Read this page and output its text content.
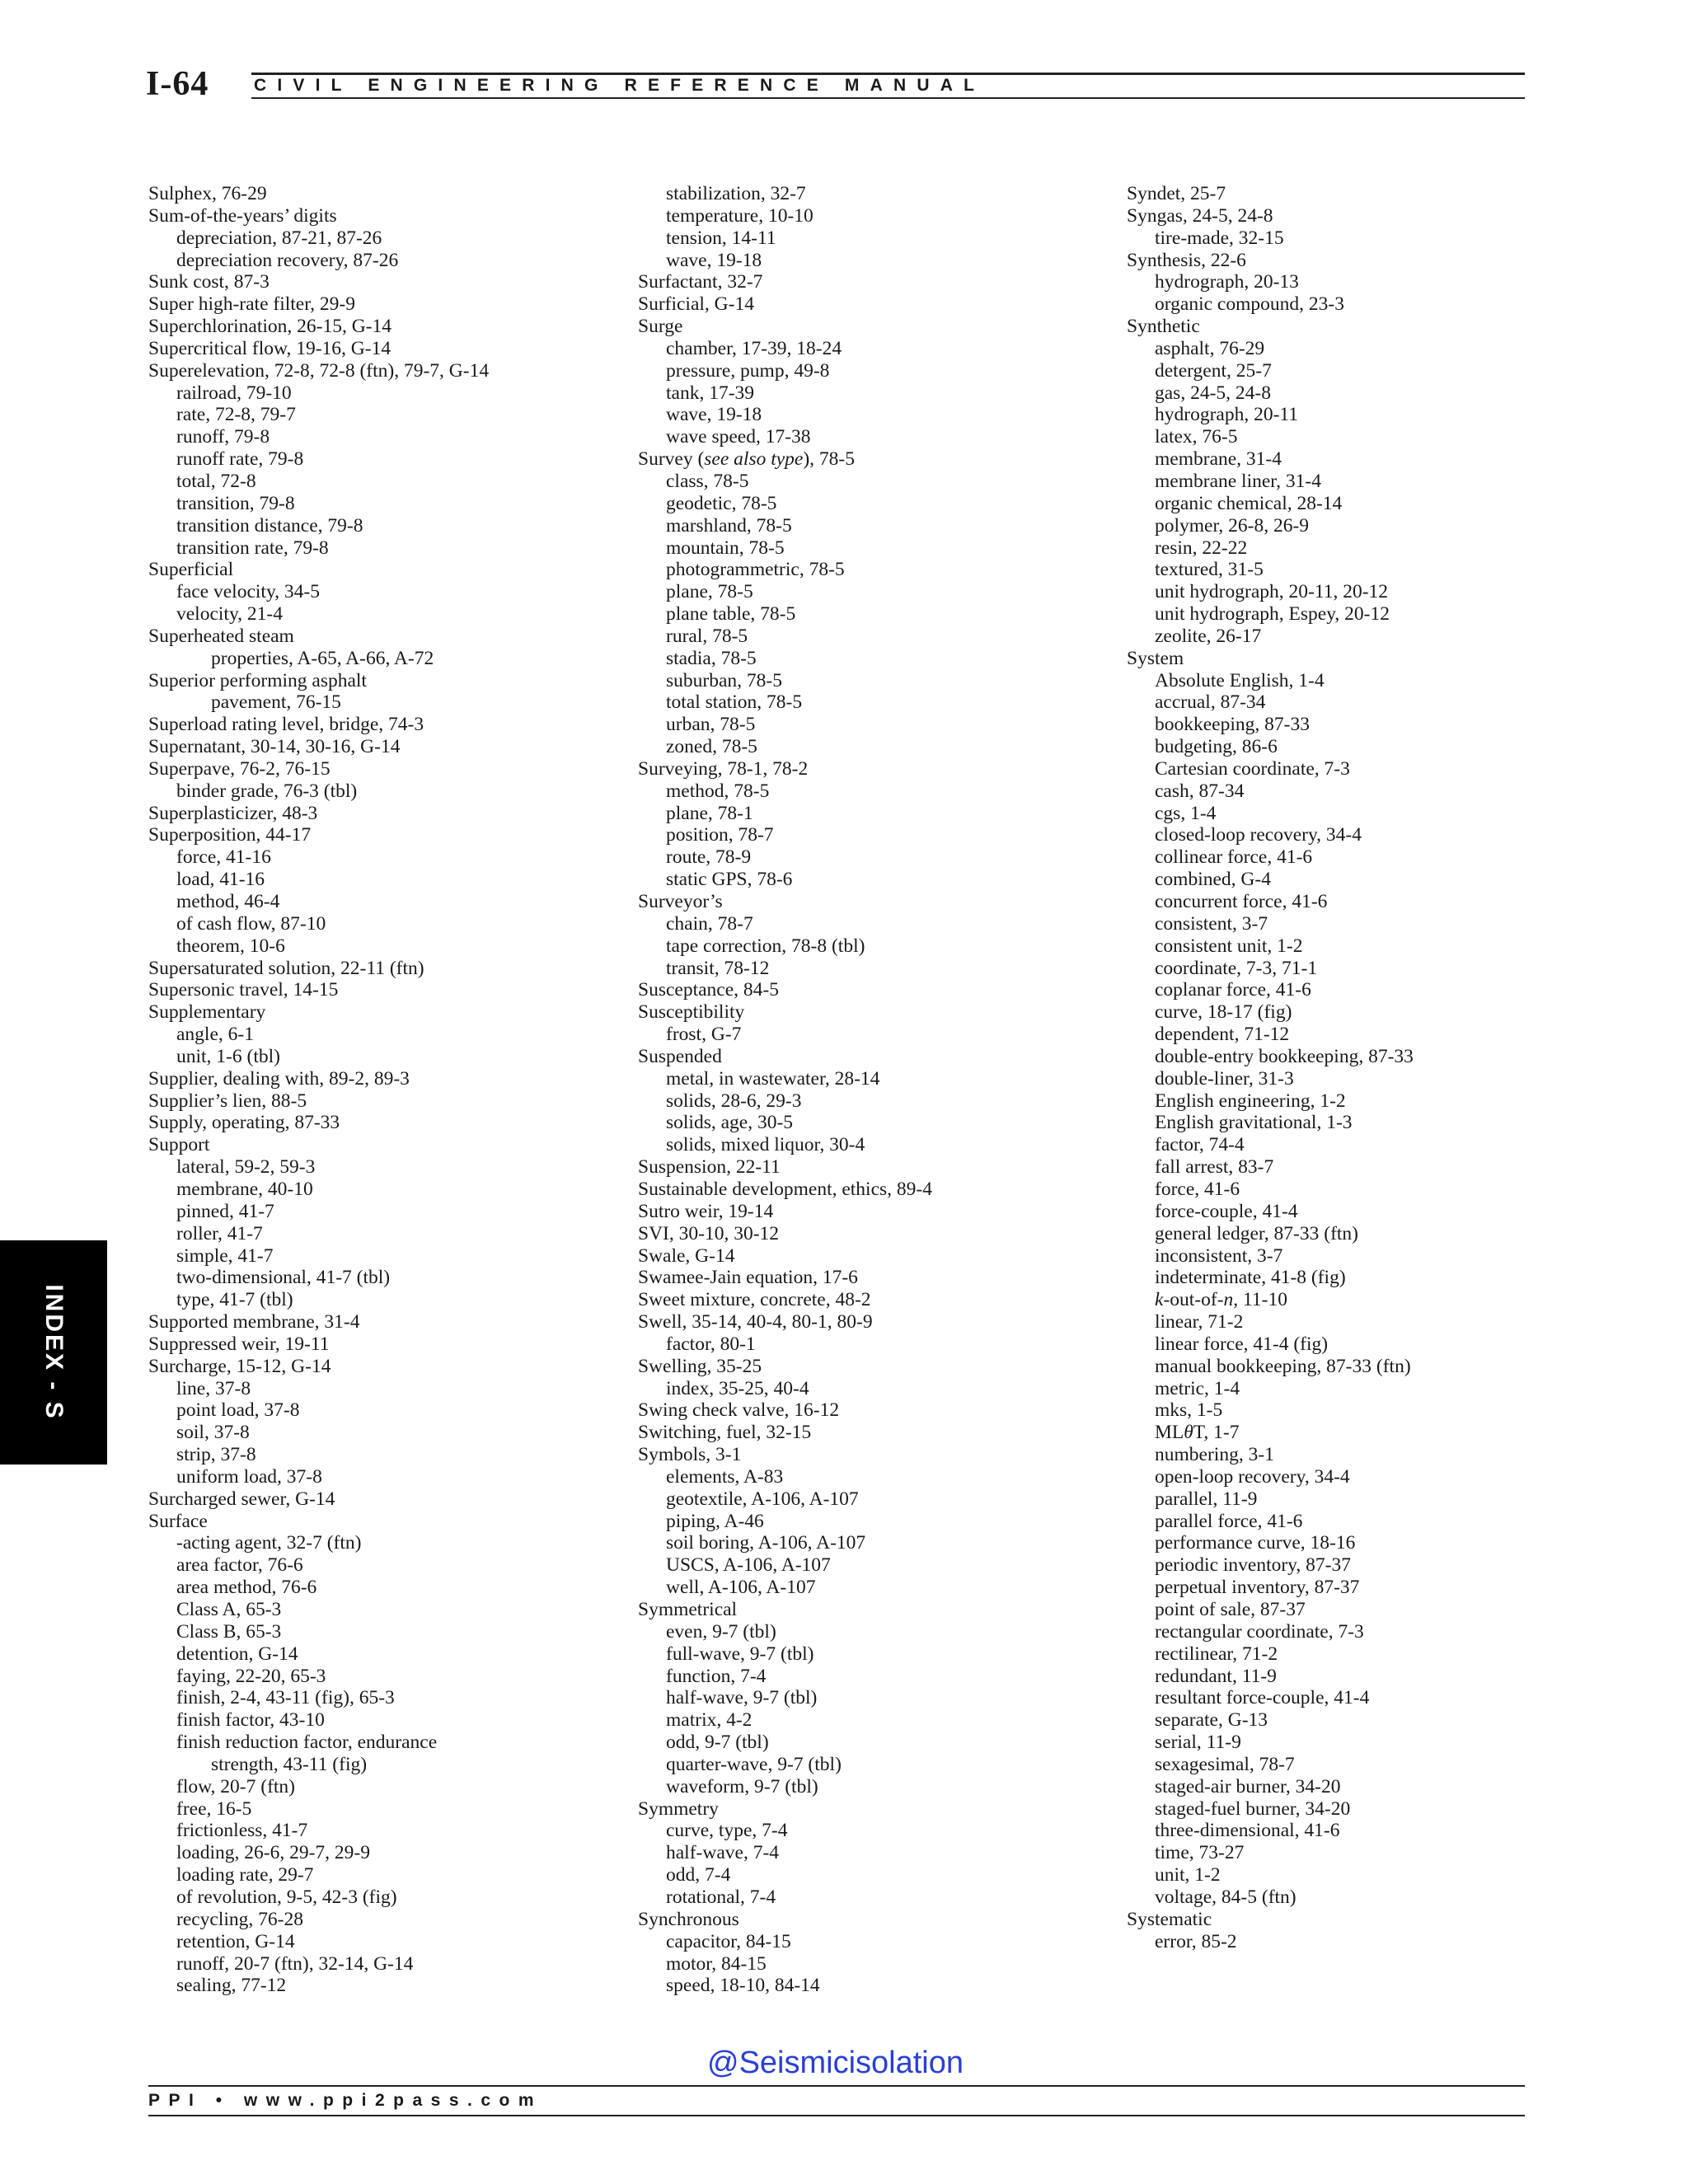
I-64	CIVIL ENGINEERING REFERENCE MANUAL
Sulphex, 76-29
Sum-of-the-years’ digits
depreciation, 87-21, 87-26
depreciation recovery, 87-26
Sunk cost, 87-3
Super high-rate filter, 29-9
Superchlorination, 26-15, G-14
Supercritical flow, 19-16, G-14
Superelevation, 72-8, 72-8 (ftn), 79-7, G-14
railroad, 79-10
rate, 72-8, 79-7
runoff, 79-8
runoff rate, 79-8
total, 72-8
transition, 79-8
transition distance, 79-8
transition rate, 79-8
Superficial
face velocity, 34-5
velocity, 21-4
Superheated steam
properties, A-65, A-66, A-72
Superior performing asphalt
pavement, 76-15
Superload rating level, bridge, 74-3
Supernatant, 30-14, 30-16, G-14
Superpave, 76-2, 76-15
binder grade, 76-3 (tbl)
Superplasticizer, 48-3
Superposition, 44-17
force, 41-16
load, 41-16
method, 46-4
of cash flow, 87-10
theorem, 10-6
Supersaturated solution, 22-11 (ftn)
Supersonic travel, 14-15
Supplementary
angle, 6-1
unit, 1-6 (tbl)
Supplier, dealing with, 89-2, 89-3
Supplier’s lien, 88-5
Supply, operating, 87-33
Support
lateral, 59-2, 59-3
membrane, 40-10
pinned, 41-7
roller, 41-7
simple, 41-7
two-dimensional, 41-7 (tbl)
type, 41-7 (tbl)
Supported membrane, 31-4
Suppressed weir, 19-11
Surcharge, 15-12, G-14
line, 37-8
point load, 37-8
soil, 37-8
strip, 37-8
uniform load, 37-8
Surcharged sewer, G-14
Surface
-acting agent, 32-7 (ftn)
area factor, 76-6
area method, 76-6
Class A, 65-3
Class B, 65-3
detention, G-14
faying, 22-20, 65-3
finish, 2-4, 43-11 (fig), 65-3
finish factor, 43-10
finish reduction factor, endurance
strength, 43-11 (fig)
flow, 20-7 (ftn)
free, 16-5
frictionless, 41-7
loading, 26-6, 29-7, 29-9
loading rate, 29-7
of revolution, 9-5, 42-3 (fig)
recycling, 76-28
retention, G-14
runoff, 20-7 (ftn), 32-14, G-14
sealing, 77-12
stabilization, 32-7
temperature, 10-10
tension, 14-11
wave, 19-18
Surfactant, 32-7
Surficial, G-14
Surge
chamber, 17-39, 18-24
pressure, pump, 49-8
tank, 17-39
wave, 19-18
wave speed, 17-38
Survey (see also type), 78-5
class, 78-5
geodetic, 78-5
marshland, 78-5
mountain, 78-5
photogrammetric, 78-5
plane, 78-5
plane table, 78-5
rural, 78-5
stadia, 78-5
suburban, 78-5
total station, 78-5
urban, 78-5
zoned, 78-5
Surveying, 78-1, 78-2
method, 78-5
plane, 78-1
position, 78-7
route, 78-9
static GPS, 78-6
Surveyor’s
chain, 78-7
tape correction, 78-8 (tbl)
transit, 78-12
Susceptance, 84-5
Susceptibility
frost, G-7
Suspended
metal, in wastewater, 28-14
solids, 28-6, 29-3
solids, age, 30-5
solids, mixed liquor, 30-4
Suspension, 22-11
Sustainable development, ethics, 89-4
Sutro weir, 19-14
SVI, 30-10, 30-12
Swale, G-14
Swamee-Jain equation, 17-6
Sweet mixture, concrete, 48-2
Swell, 35-14, 40-4, 80-1, 80-9
factor, 80-1
Swelling, 35-25
index, 35-25, 40-4
Swing check valve, 16-12
Switching, fuel, 32-15
Symbols, 3-1
elements, A-83
geotextile, A-106, A-107
piping, A-46
soil boring, A-106, A-107
USCS, A-106, A-107
well, A-106, A-107
Symmetrical
even, 9-7 (tbl)
full-wave, 9-7 (tbl)
function, 7-4
half-wave, 9-7 (tbl)
matrix, 4-2
odd, 9-7 (tbl)
quarter-wave, 9-7 (tbl)
waveform, 9-7 (tbl)
Symmetry
curve, type, 7-4
half-wave, 7-4
odd, 7-4
rotational, 7-4
Synchronous
capacitor, 84-15
motor, 84-15
speed, 18-10, 84-14
Syndet, 25-7
Syngas, 24-5, 24-8
tire-made, 32-15
Synthesis, 22-6
hydrograph, 20-13
organic compound, 23-3
Synthetic
asphalt, 76-29
detergent, 25-7
gas, 24-5, 24-8
hydrograph, 20-11
latex, 76-5
membrane, 31-4
membrane liner, 31-4
organic chemical, 28-14
polymer, 26-8, 26-9
resin, 22-22
textured, 31-5
unit hydrograph, 20-11, 20-12
unit hydrograph, Espey, 20-12
zeolite, 26-17
System
Absolute English, 1-4
accrual, 87-34
bookkeeping, 87-33
budgeting, 86-6
Cartesian coordinate, 7-3
cash, 87-34
cgs, 1-4
closed-loop recovery, 34-4
collinear force, 41-6
combined, G-4
concurrent force, 41-6
consistent, 3-7
consistent unit, 1-2
coordinate, 7-3, 71-1
coplanar force, 41-6
curve, 18-17 (fig)
dependent, 71-12
double-entry bookkeeping, 87-33
double-liner, 31-3
English engineering, 1-2
English gravitational, 1-3
factor, 74-4
fall arrest, 83-7
force, 41-6
force-couple, 41-4
general ledger, 87-33 (ftn)
inconsistent, 3-7
indeterminate, 41-8 (fig)
k-out-of-n, 11-10
linear, 71-2
linear force, 41-4 (fig)
manual bookkeeping, 87-33 (ftn)
metric, 1-4
mks, 1-5
MLθT, 1-7
numbering, 3-1
open-loop recovery, 34-4
parallel, 11-9
parallel force, 41-6
performance curve, 18-16
periodic inventory, 87-37
perpetual inventory, 87-37
point of sale, 87-37
rectangular coordinate, 7-3
rectilinear, 71-2
redundant, 11-9
resultant force-couple, 41-4
separate, G-13
serial, 11-9
sexagesimal, 78-7
staged-air burner, 34-20
staged-fuel burner, 34-20
three-dimensional, 41-6
time, 73-27
unit, 1-2
voltage, 84-5 (ftn)
Systematic
error, 85-2
INDEX - S
@Seismicisolation
PPI • www.ppi2pass.com
